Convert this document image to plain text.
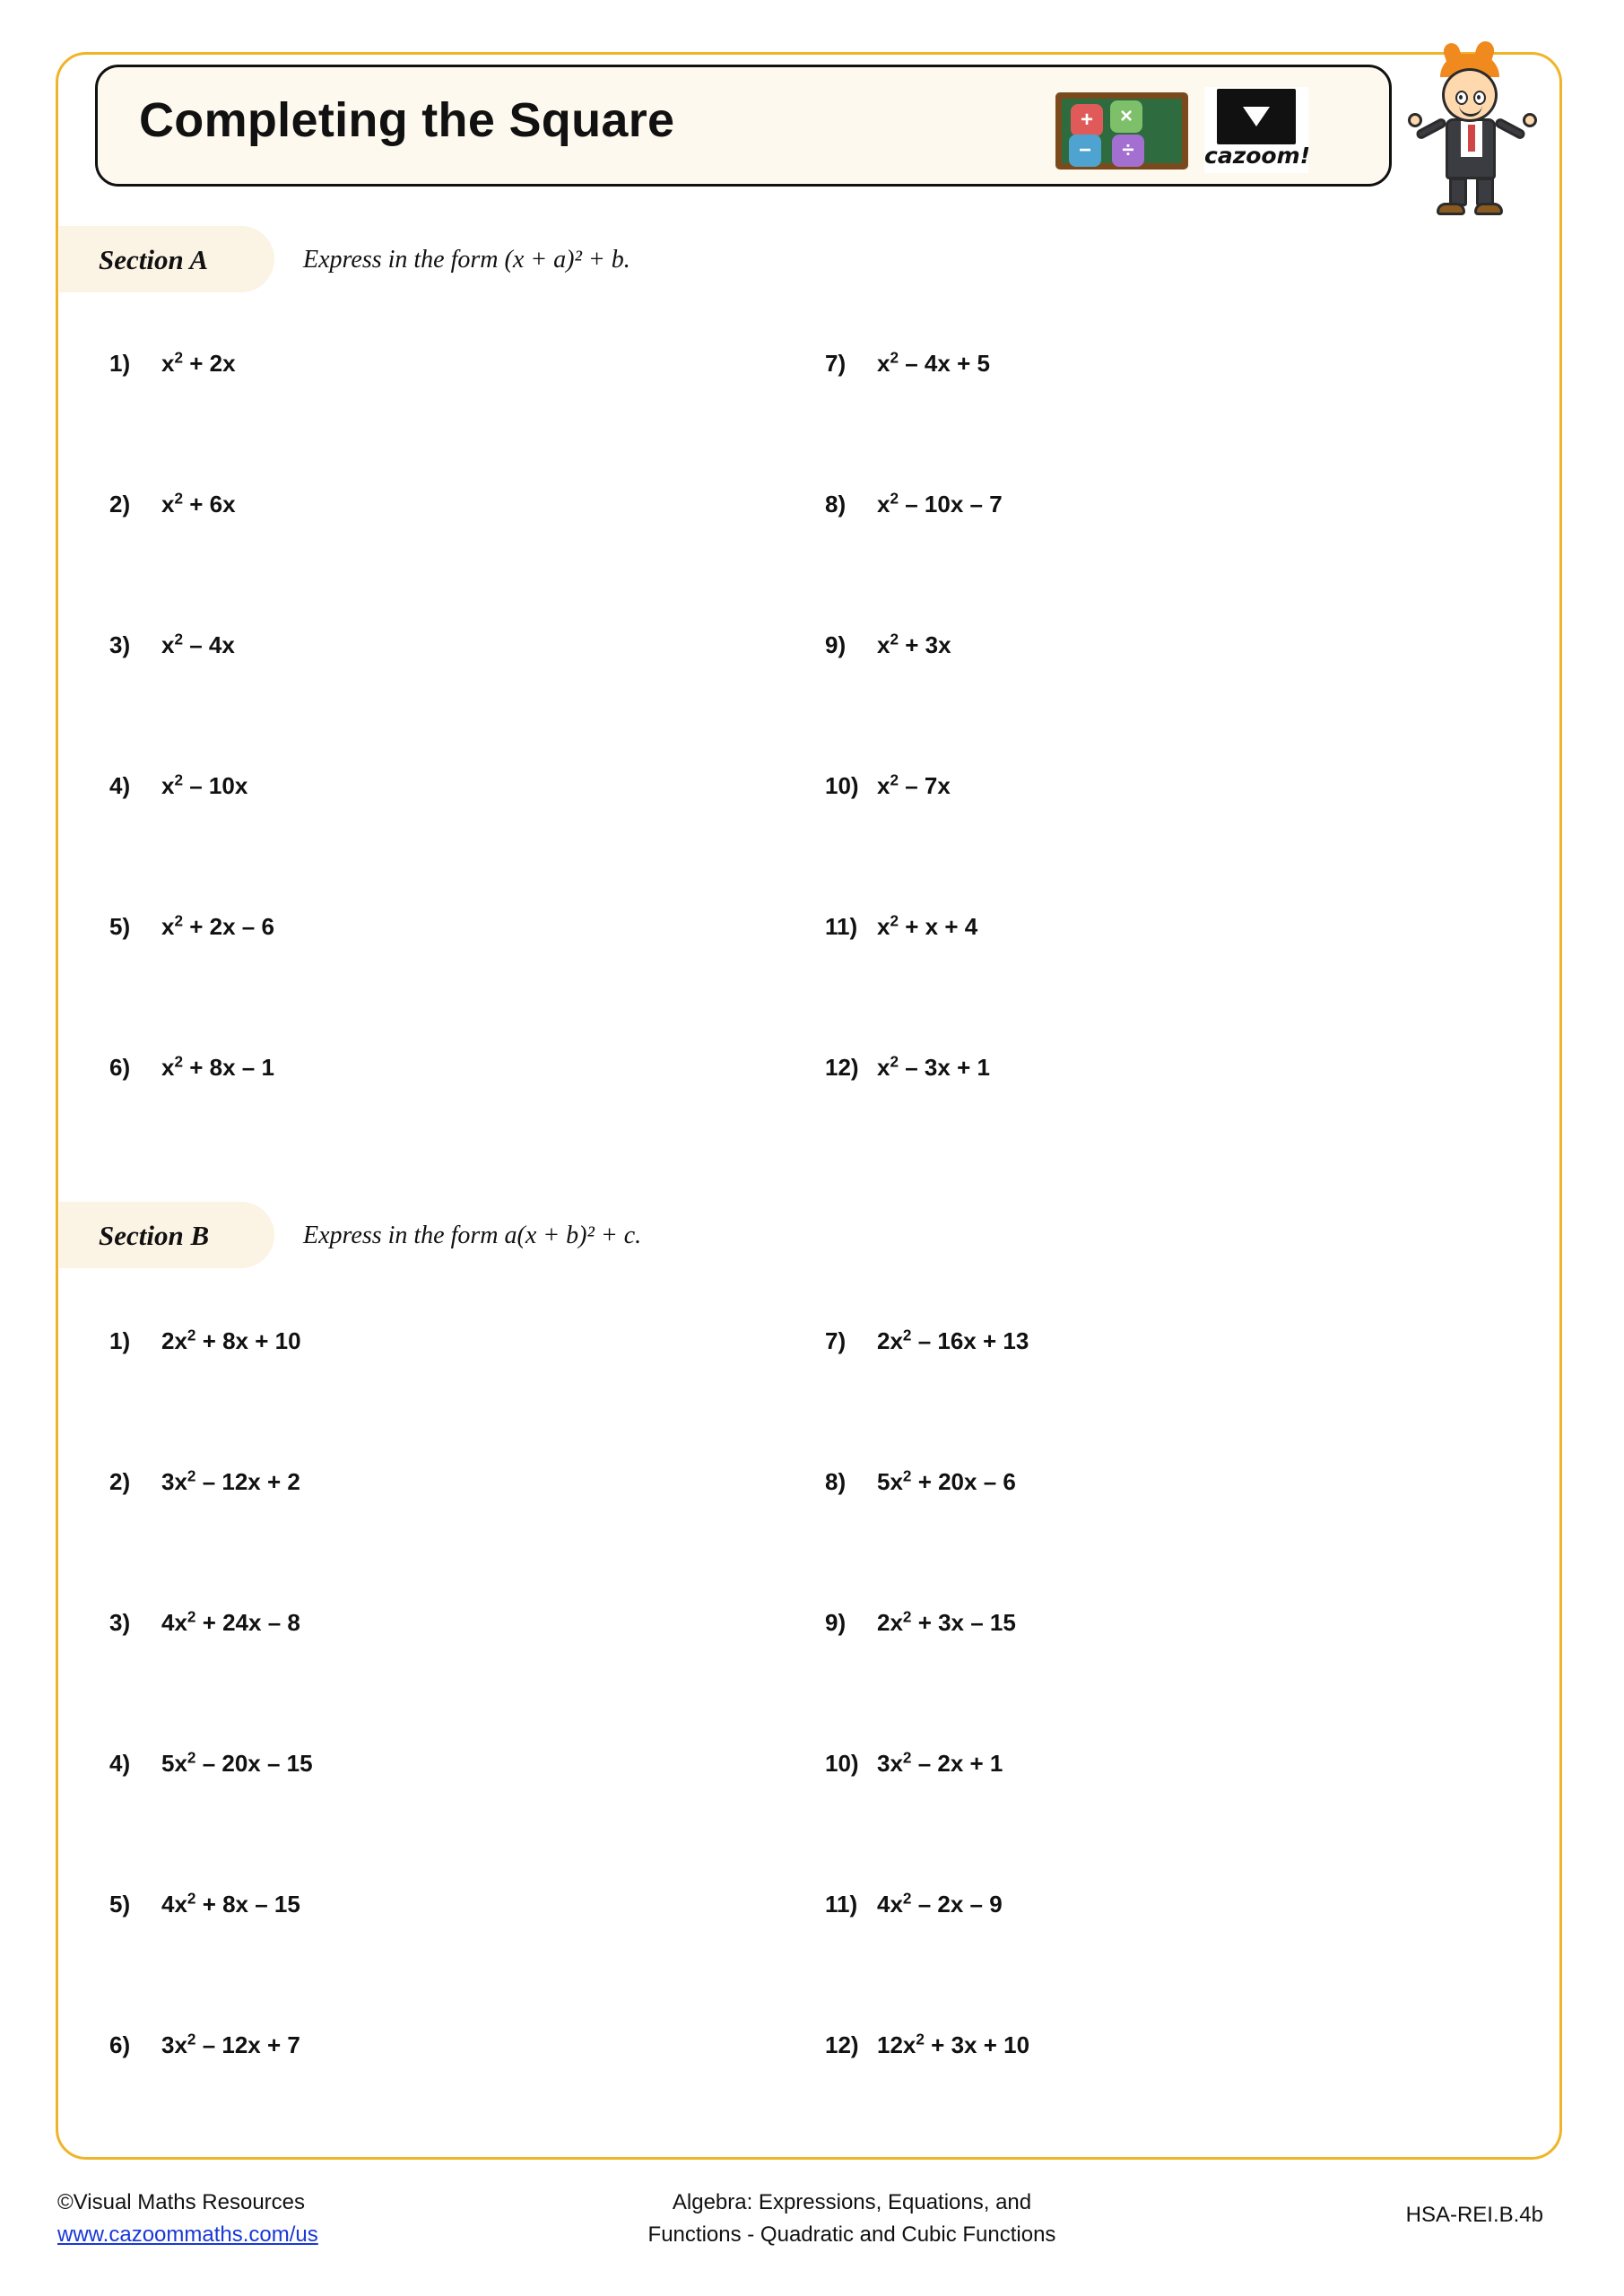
Completing the Square	+	×
−	÷	cazoom!
Section A	Express in the form (x + a)² + b.
1) $x^2 + 2x$
2) $x^2 + 6x$
3) $x^2 - 4x$
4) $x^2 - 10x$
5) $x^2 + 2x - 6$
6) $x^2 + 8x - 1$
7) $x^2 - 4x + 5$
8) $x^2 - 10x - 7$
9) $x^2 + 3x$
10) $x^2 - 7x$
11) $x^2 + x + 4$
12) $x^2 - 3x + 1$
Section B	Express in the form a(x + b)² + c.
1) $2x^2 + 8x + 10$
2) $3x^2 - 12x + 2$
3) $4x^2 + 24x - 8$
4) $5x^2 - 20x - 15$
5) $4x^2 + 8x - 15$
6) $3x^2 - 12x + 7$
7) $2x^2 - 16x + 13$
8) $5x^2 + 20x - 6$
9) $2x^2 + 3x - 15$
10) $3x^2 - 2x + 1$
11) $4x^2 - 2x - 9$
12) $12x^2 + 3x + 10$
©Visual Maths Resources
www.cazoommaths.com/us
Algebra: Expressions, Equations, and
Functions - Quadratic and Cubic Functions
HSA-REI.B.4b
